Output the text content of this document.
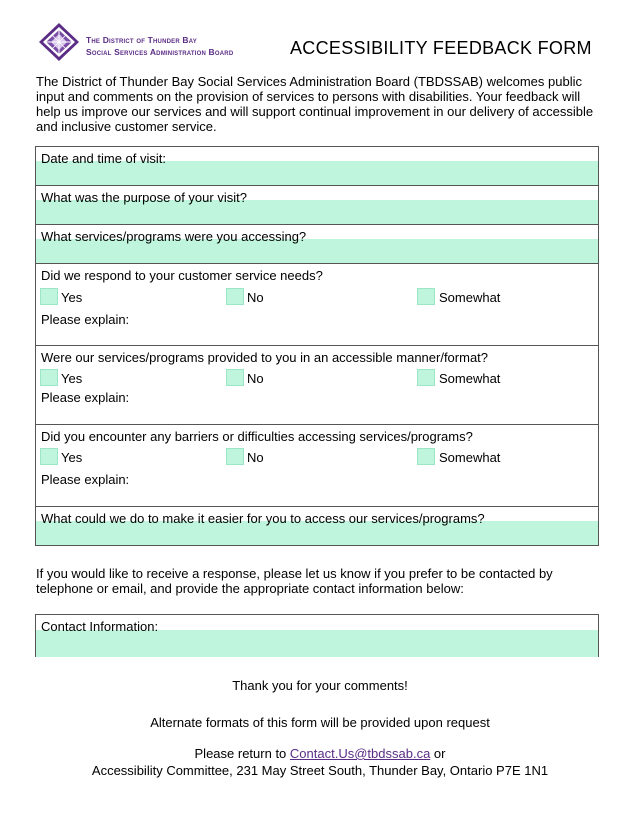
The District of Thunder Bay
Social Services Administration Board	ACCESSIBILITY FEEDBACK FORM
The District of Thunder Bay Social Services Administration Board (TBDSSAB) welcomes public input and comments on the provision of services to persons with disabilities. Your feedback will help us improve our services and will support continual improvement in our delivery of accessible and inclusive customer service.
Date and time of visit:
What was the purpose of your visit?
What services/programs were you accessing?
Did we respond to your customer service needs?
Yes	No	Somewhat
Please explain:
Were our services/programs provided to you in an accessible manner/format?
Yes	No	Somewhat
Please explain:
Did you encounter any barriers or difficulties accessing services/programs?
Yes	No	Somewhat
Please explain:
What could we do to make it easier for you to access our services/programs?
If you would like to receive a response, please let us know if you prefer to be contacted by telephone or email, and provide the appropriate contact information below:
Contact Information:
Thank you for your comments!
Alternate formats of this form will be provided upon request
Please return to Contact.Us@tbdssab.ca or
Accessibility Committee, 231 May Street South, Thunder Bay, Ontario P7E 1N1
